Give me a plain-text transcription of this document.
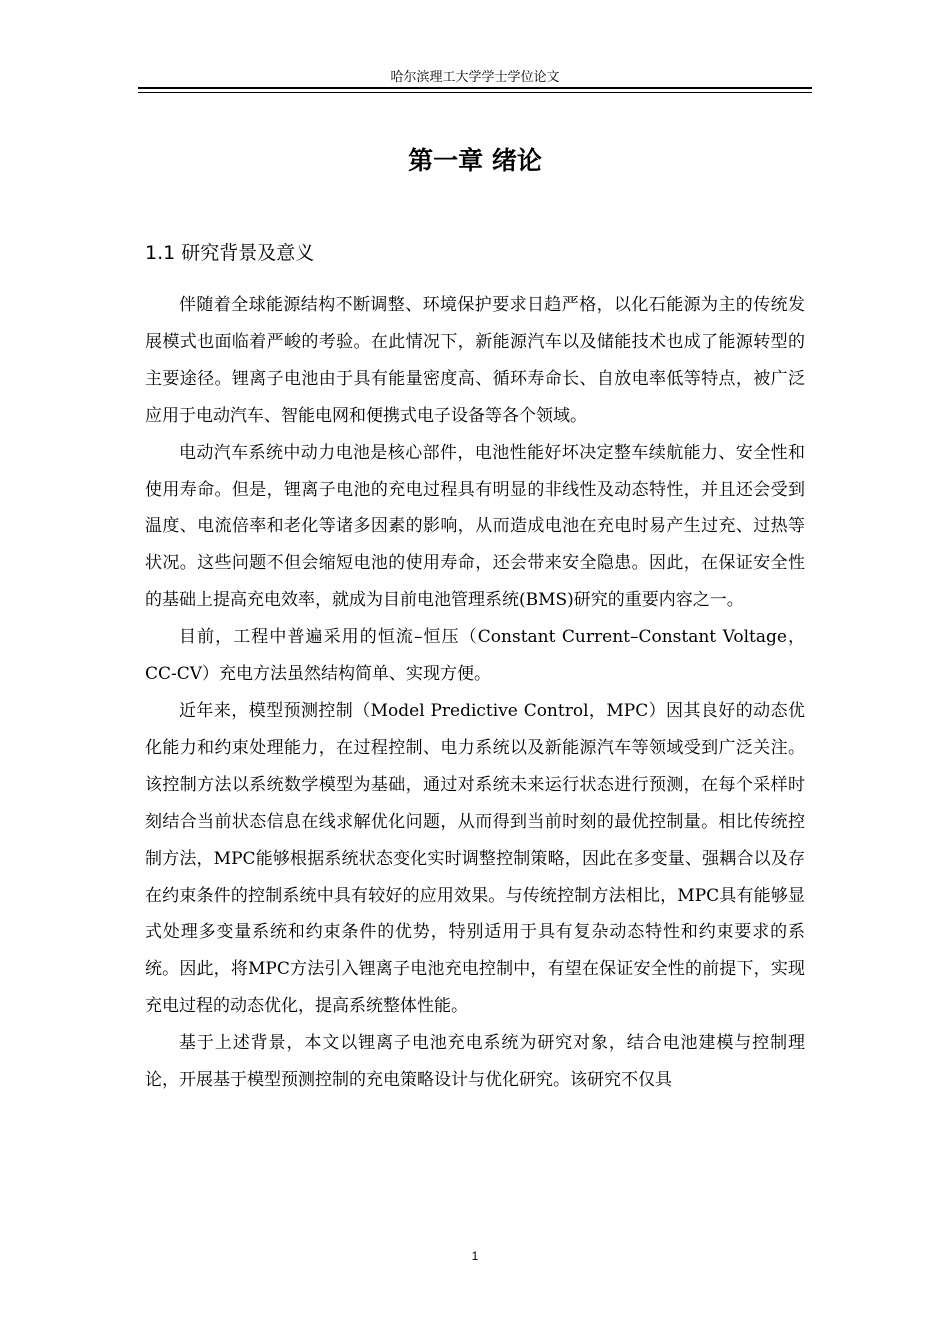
哈尔滨理工大学学士学位论文
第一章 绪论
1.1 研究背景及意义

伴随着全球能源结构不断调整、环境保护要求日趋严格，以化石能源为主的传统发展模式也面临着严峻的考验。在此情况下，新能源汽车以及储能技术也成了能源转型的主要途径。锂离子电池由于具有能量密度高、循环寿命长、自放电率低等特点，被广泛应用于电动汽车、智能电网和便携式电子设备等各个领域。

电动汽车系统中动力电池是核心部件，电池性能好坏决定整车续航能力、安全性和使用寿命。但是，锂离子电池的充电过程具有明显的非线性及动态特性，并且还会受到温度、电流倍率和老化等诸多因素的影响，从而造成电池在充电时易产生过充、过热等状况。这些问题不但会缩短电池的使用寿命，还会带来安全隐患。因此，在保证安全性的基础上提高充电效率，就成为目前电池管理系统(BMS)研究的重要内容之一。

目前，工程中普遍采用的恒流–恒压（Constant Current–Constant Voltage，CC-CV）充电方法虽然结构简单、实现方便。

近年来，模型预测控制（Model Predictive Control，MPC）因其良好的动态优化能力和约束处理能力，在过程控制、电力系统以及新能源汽车等领域受到广泛关注。该控制方法以系统数学模型为基础，通过对系统未来运行状态进行预测，在每个采样时刻结合当前状态信息在线求解优化问题，从而得到当前时刻的最优控制量。相比传统控制方法，MPC能够根据系统状态变化实时调整控制策略，因此在多变量、强耦合以及存在约束条件的控制系统中具有较好的应用效果。与传统控制方法相比，MPC具有能够显式处理多变量系统和约束条件的优势，特别适用于具有复杂动态特性和约束要求的系统。因此，将MPC方法引入锂离子电池充电控制中，有望在保证安全性的前提下，实现充电过程的动态优化，提高系统整体性能。

基于上述背景，本文以锂离子电池充电系统为研究对象，结合电池建模与控制理论，开展基于模型预测控制的充电策略设计与优化研究。该研究不仅具

1
